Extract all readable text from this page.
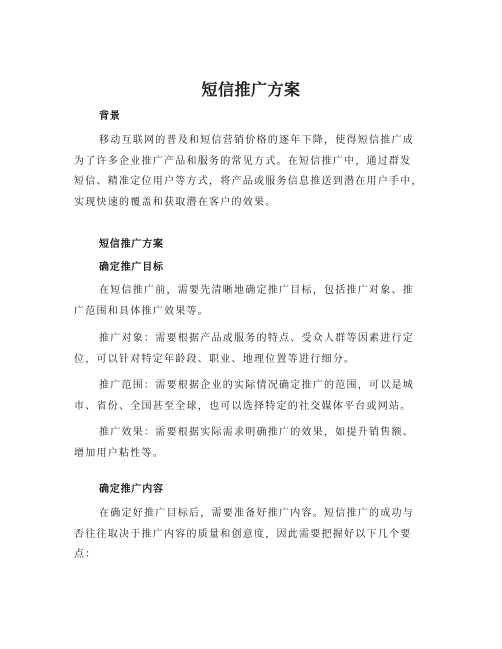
短信推广方案
背景
移动互联网的普及和短信营销价格的逐年下降，使得短信推广成
为了许多企业推广产品和服务的常见方式。在短信推广中，通过群发
短信、精准定位用户等方式，将产品或服务信息推送到潜在用户手中，
实现快速的覆盖和获取潜在客户的效果。
短信推广方案
确定推广目标
在短信推广前，需要先清晰地确定推广目标，包括推广对象、推
广范围和具体推广效果等。
推广对象：需要根据产品或服务的特点、受众人群等因素进行定
位，可以针对特定年龄段、职业、地理位置等进行细分。
推广范围：需要根据企业的实际情况确定推广的范围，可以是城
市、省份、全国甚至全球，也可以选择特定的社交媒体平台或网站。
推广效果：需要根据实际需求明确推广的效果，如提升销售额、
增加用户粘性等。
确定推广内容
在确定好推广目标后，需要准备好推广内容。短信推广的成功与
否往往取决于推广内容的质量和创意度，因此需要把握好以下几个要
点：
